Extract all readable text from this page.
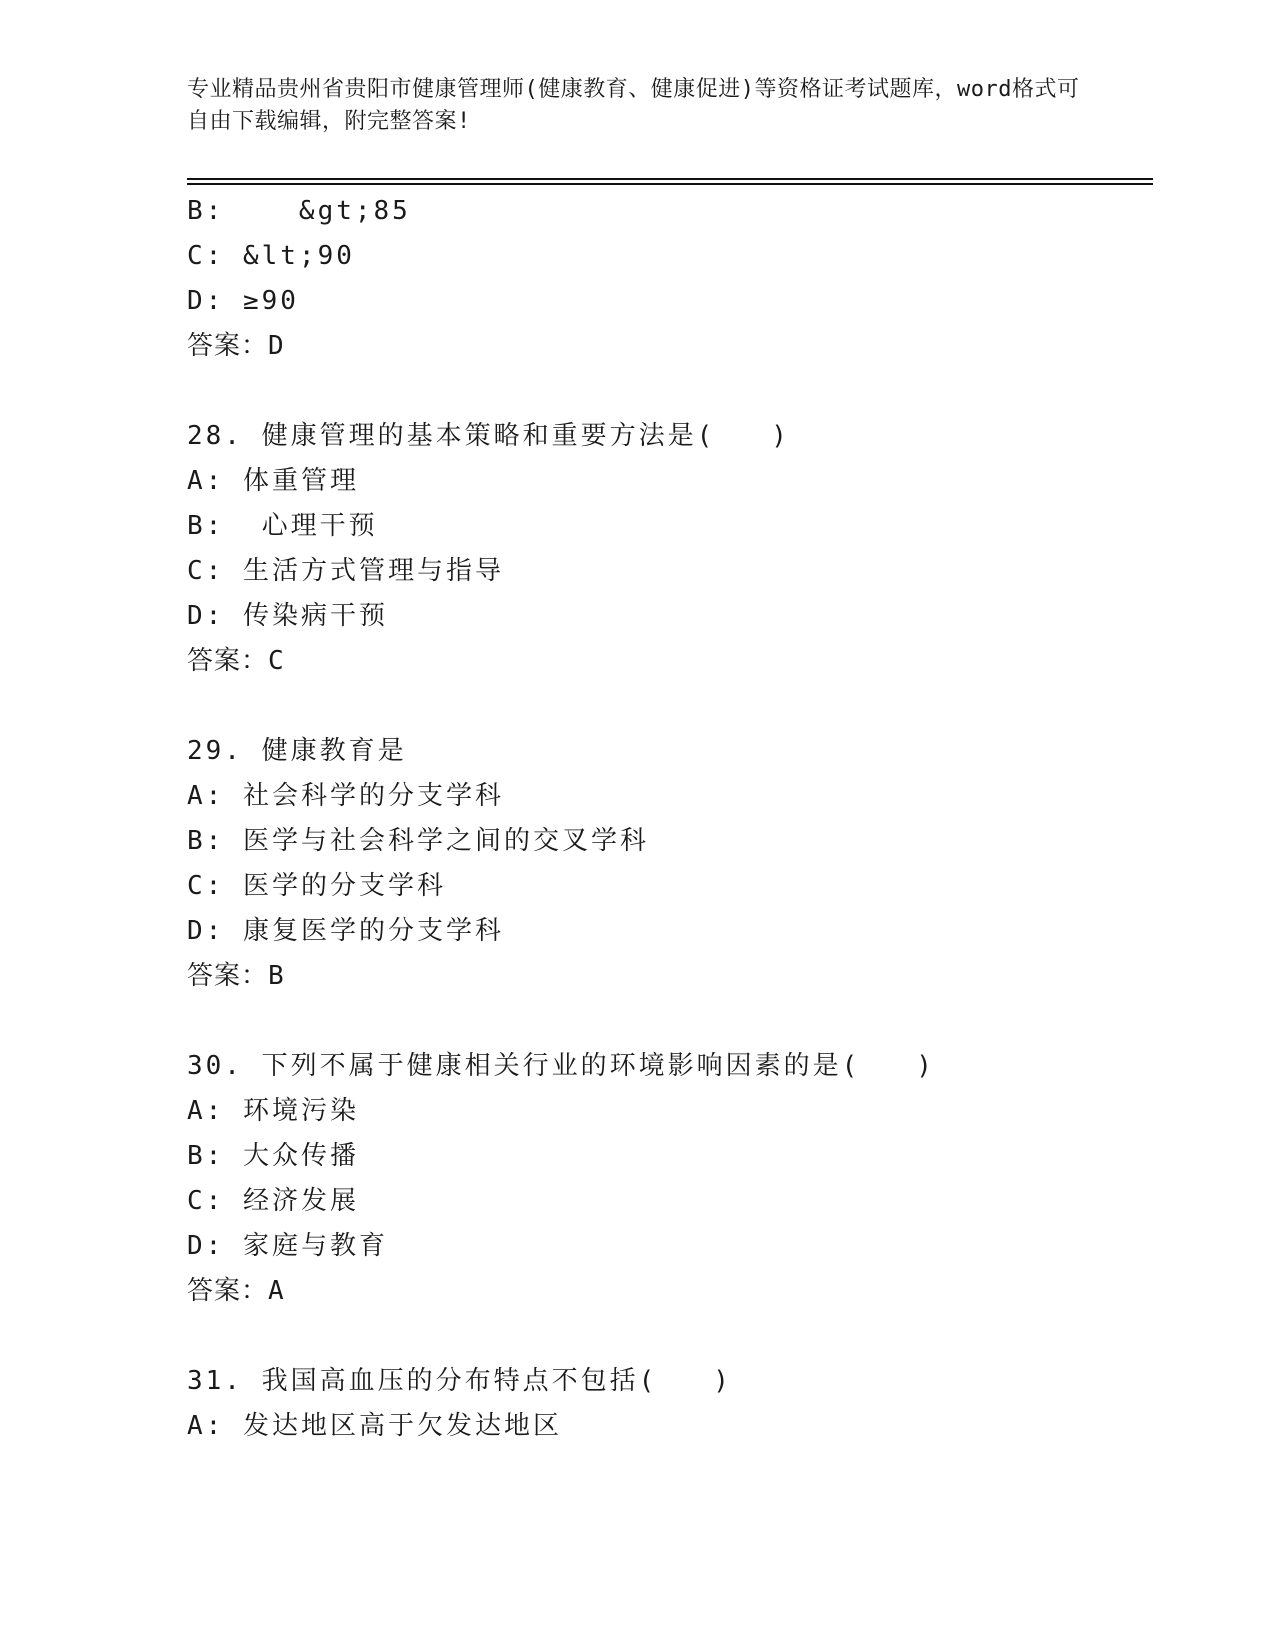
专业精品贵州省贵阳市健康管理师(健康教育、健康促进)等资格证考试题库，word格式可自由下载编辑，附完整答案!
B:    &gt;85
C: &lt;90
D: ≥90
答案：D
28. 健康管理的基本策略和重要方法是(   )
A: 体重管理
B:  心理干预
C: 生活方式管理与指导
D: 传染病干预
答案：C
29. 健康教育是
A: 社会科学的分支学科
B: 医学与社会科学之间的交叉学科
C: 医学的分支学科
D: 康复医学的分支学科
答案：B
30. 下列不属于健康相关行业的环境影响因素的是(   )
A: 环境污染
B: 大众传播
C: 经济发展
D: 家庭与教育
答案：A
31. 我国高血压的分布特点不包括(   )
A: 发达地区高于欠发达地区
